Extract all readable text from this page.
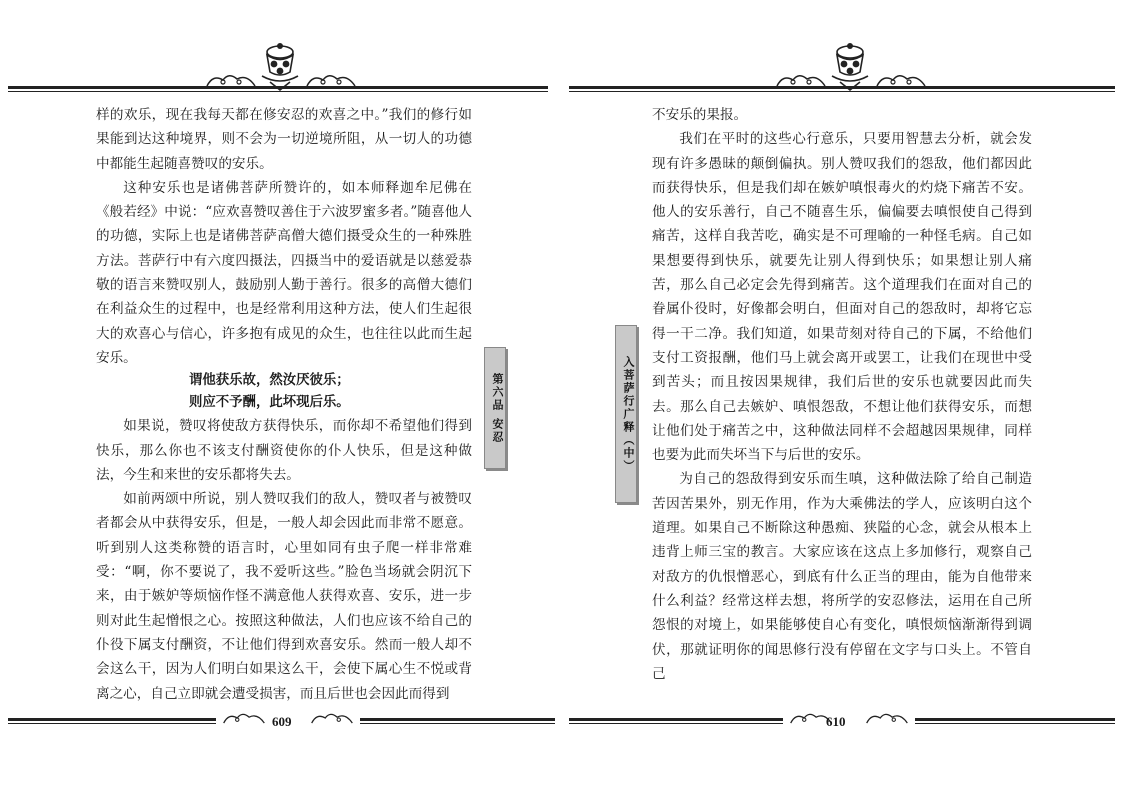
样的欢乐，现在我每天都在修安忍的欢喜之中。”我们的修行如果能到达这种境界，则不会为一切逆境所阻，从一切人的功德中都能生起随喜赞叹的安乐。

这种安乐也是诸佛菩萨所赞许的，如本师释迦牟尼佛在《般若经》中说：“应欢喜赞叹善住于六波罗蜜多者。”随喜他人的功德，实际上也是诸佛菩萨高僧大德们摄受众生的一种殊胜方法。菩萨行中有六度四摄法，四摄当中的爱语就是以慈爱恭敬的语言来赞叹别人，鼓励别人勤于善行。很多的高僧大德们在利益众生的过程中，也是经常利用这种方法，使人们生起很大的欢喜心与信心，许多抱有成见的众生，也往往以此而生起安乐。

谓他获乐故，然汝厌彼乐；
则应不予酬，此坏现后乐。

如果说，赞叹将使敌方获得快乐，而你却不希望他们得到快乐，那么你也不该支付酬资使你的仆人快乐，但是这种做法，今生和来世的安乐都将失去。

如前两颂中所说，别人赞叹我们的敌人，赞叹者与被赞叹者都会从中获得安乐，但是，一般人却会因此而非常不愿意。听到别人这类称赞的语言时，心里如同有虫子爬一样非常难受：“啊，你不要说了，我不爱听这些。”脸色当场就会阴沉下来，由于嫉妒等烦恼作怪不满意他人获得欢喜、安乐，进一步则对此生起憎恨之心。按照这种做法，人们也应该不给自己的仆役下属支付酬资，不让他们得到欢喜安乐。然而一般人却不会这么干，因为人们明白如果这么干，会使下属心生不悦或背离之心，自己立即就会遭受损害，而且后世也会因此而得到

第六品 安忍
609

不安乐的果报。

我们在平时的这些心行意乐，只要用智慧去分析，就会发现有许多愚昧的颠倒偏执。别人赞叹我们的怨敌，他们都因此而获得快乐，但是我们却在嫉妒嗔恨毒火的灼烧下痛苦不安。他人的安乐善行，自己不随喜生乐，偏偏要去嗔恨使自己得到痛苦，这样自我苦吃，确实是不可理喻的一种怪毛病。自己如果想要得到快乐，就要先让别人得到快乐；如果想让别人痛苦，那么自己必定会先得到痛苦。这个道理我们在面对自己的眷属仆役时，好像都会明白，但面对自己的怨敌时，却将它忘得一干二净。我们知道，如果苛刻对待自己的下属，不给他们支付工资报酬，他们马上就会离开或罢工，让我们在现世中受到苦头；而且按因果规律，我们后世的安乐也就要因此而失去。那么自己去嫉妒、嗔恨怨敌，不想让他们获得安乐，而想让他们处于痛苦之中，这种做法同样不会超越因果规律，同样也要为此而失坏当下与后世的安乐。

为自己的怨敌得到安乐而生嗔，这种做法除了给自己制造苦因苦果外，别无作用，作为大乘佛法的学人，应该明白这个道理。如果自己不断除这种愚痴、狭隘的心念，就会从根本上违背上师三宝的教言。大家应该在这点上多加修行，观察自己对敌方的仇恨憎恶心，到底有什么正当的理由，能为自他带来什么利益？经常这样去想，将所学的安忍修法，运用在自己所怨恨的对境上，如果能够使自心有变化，嗔恨烦恼渐渐得到调伏，那就证明你的闻思修行没有停留在文字与口头上。不管自己

入菩萨行广释（中）
610
